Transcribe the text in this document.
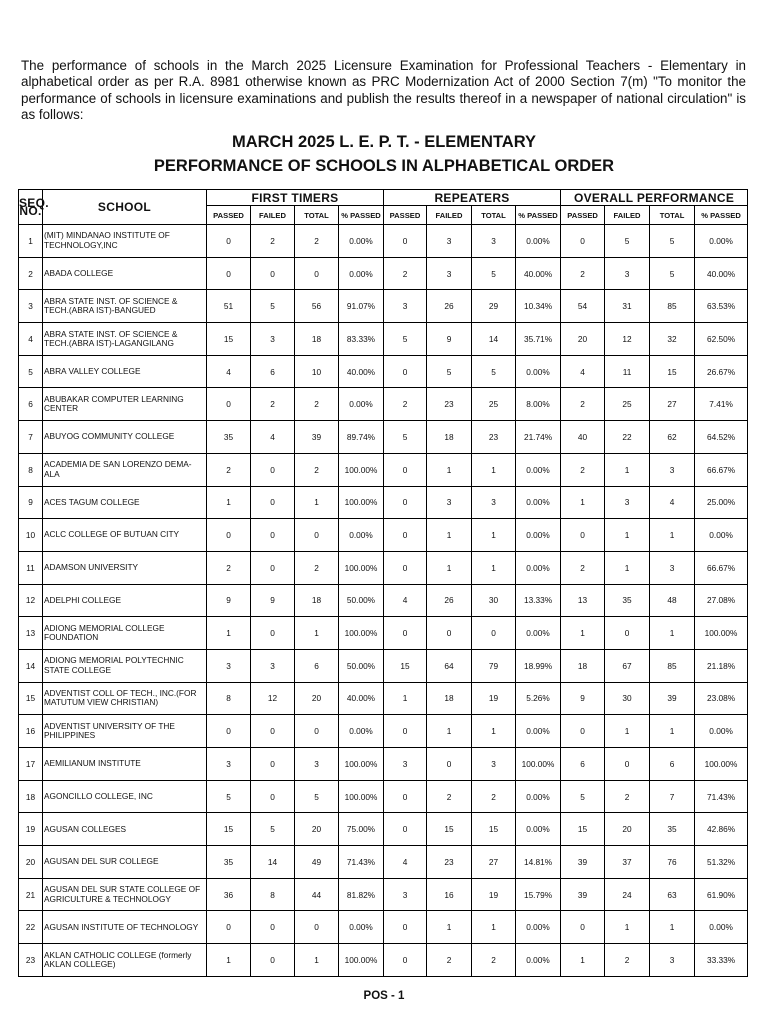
The performance of schools in the March 2025 Licensure Examination for Professional Teachers - Elementary in alphabetical order as per R.A. 8981 otherwise known as PRC Modernization Act of 2000 Section 7(m) "To monitor the performance of schools in licensure examinations and publish the results thereof in a newspaper of national circulation" is as follows:

MARCH 2025 L. E. P. T. - ELEMENTARY
PERFORMANCE OF SCHOOLS IN ALPHABETICAL ORDER
SEQ. NO.	SCHOOL	FIRST TIMERS				REPEATERS				OVERALL PERFORMANCE			
		PASSED	FAILED	TOTAL	% PASSED	PASSED	FAILED	TOTAL	% PASSED	PASSED	FAILED	TOTAL	% PASSED
1	(MIT) MINDANAO INSTITUTE OF TECHNOLOGY,INC	0	2	2	0.00%	0	3	3	0.00%	0	5	5	0.00%
2	ABADA COLLEGE	0	0	0	0.00%	2	3	5	40.00%	2	3	5	40.00%
3	ABRA STATE INST. OF SCIENCE & TECH.(ABRA IST)-BANGUED	51	5	56	91.07%	3	26	29	10.34%	54	31	85	63.53%
4	ABRA STATE INST. OF SCIENCE & TECH.(ABRA IST)-LAGANGILANG	15	3	18	83.33%	5	9	14	35.71%	20	12	32	62.50%
5	ABRA VALLEY COLLEGE	4	6	10	40.00%	0	5	5	0.00%	4	11	15	26.67%
6	ABUBAKAR COMPUTER LEARNING CENTER	0	2	2	0.00%	2	23	25	8.00%	2	25	27	7.41%
7	ABUYOG COMMUNITY COLLEGE	35	4	39	89.74%	5	18	23	21.74%	40	22	62	64.52%
8	ACADEMIA DE SAN LORENZO DEMA-ALA	2	0	2	100.00%	0	1	1	0.00%	2	1	3	66.67%
9	ACES TAGUM COLLEGE	1	0	1	100.00%	0	3	3	0.00%	1	3	4	25.00%
10	ACLC COLLEGE OF BUTUAN CITY	0	0	0	0.00%	0	1	1	0.00%	0	1	1	0.00%
11	ADAMSON UNIVERSITY	2	0	2	100.00%	0	1	1	0.00%	2	1	3	66.67%
12	ADELPHI COLLEGE	9	9	18	50.00%	4	26	30	13.33%	13	35	48	27.08%
13	ADIONG MEMORIAL COLLEGE FOUNDATION	1	0	1	100.00%	0	0	0	0.00%	1	0	1	100.00%
14	ADIONG MEMORIAL POLYTECHNIC STATE COLLEGE	3	3	6	50.00%	15	64	79	18.99%	18	67	85	21.18%
15	ADVENTIST COLL OF TECH., INC.(FOR MATUTUM VIEW CHRISTIAN)	8	12	20	40.00%	1	18	19	5.26%	9	30	39	23.08%
16	ADVENTIST UNIVERSITY OF THE PHILIPPINES	0	0	0	0.00%	0	1	1	0.00%	0	1	1	0.00%
17	AEMILIANUM INSTITUTE	3	0	3	100.00%	3	0	3	100.00%	6	0	6	100.00%
18	AGONCILLO COLLEGE, INC	5	0	5	100.00%	0	2	2	0.00%	5	2	7	71.43%
19	AGUSAN COLLEGES	15	5	20	75.00%	0	15	15	0.00%	15	20	35	42.86%
20	AGUSAN DEL SUR COLLEGE	35	14	49	71.43%	4	23	27	14.81%	39	37	76	51.32%
21	AGUSAN DEL SUR STATE COLLEGE OF AGRICULTURE & TECHNOLOGY	36	8	44	81.82%	3	16	19	15.79%	39	24	63	61.90%
22	AGUSAN INSTITUTE OF TECHNOLOGY	0	0	0	0.00%	0	1	1	0.00%	0	1	1	0.00%
23	AKLAN CATHOLIC COLLEGE (formerly AKLAN COLLEGE)	1	0	1	100.00%	0	2	2	0.00%	1	2	3	33.33%

POS - 1
